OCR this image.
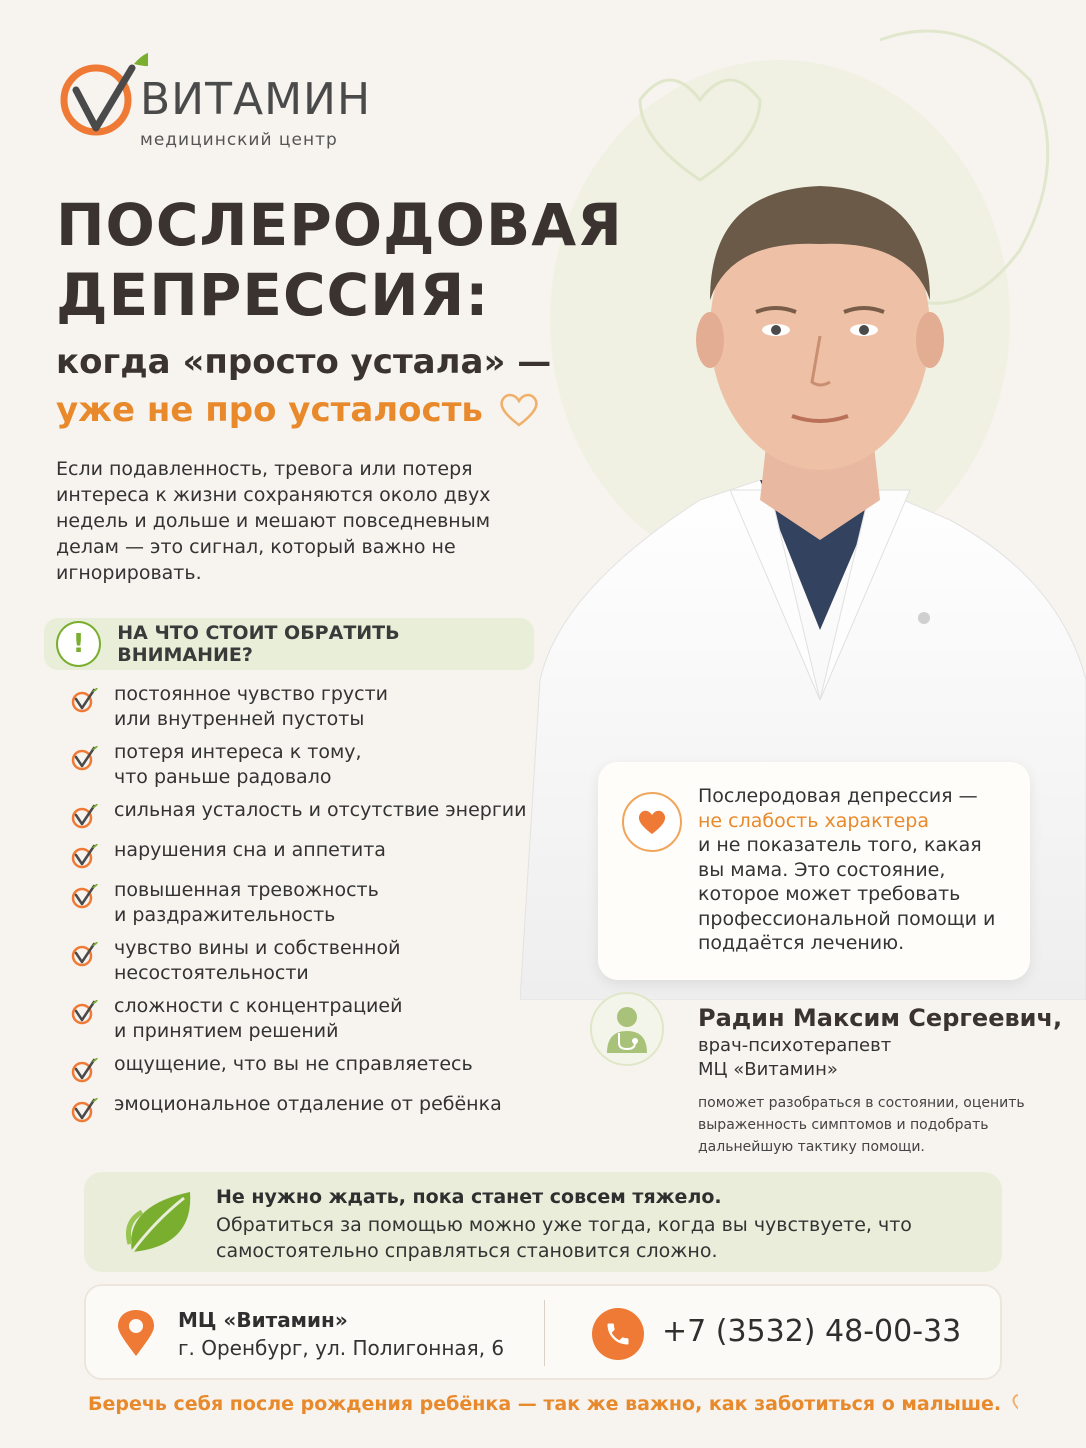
ВИТАМИН
медицинский центр
ПОСЛЕРОДОВАЯ
ДЕПРЕССИЯ:
когда «просто устала» —
уже не про усталость
Если подавленность, тревога или потеря интереса к жизни сохраняются около двух недель и дольше и мешают повседневным делам — это сигнал, который важно не игнорировать.
!	НА ЧТО СТОИТ ОБРАТИТЬ ВНИМАНИЕ?
постоянное чувство грусти
или внутренней пустоты
потеря интереса к тому,
что раньше радовало
сильная усталость и отсутствие энергии
нарушения сна и аппетита
повышенная тревожность
и раздражительность
чувство вины и собственной
несостоятельности
сложности с концентрацией
и принятием решений
ощущение, что вы не справляетесь
эмоциональное отдаление от ребёнка
Послеродовая депрессия —
не слабость характера
и не показатель того, какая вы мама. Это состояние, которое может требовать профессиональной помощи и поддаётся лечению.
Радин Максим Сергеевич,
врач-психотерапевт
МЦ «Витамин»
поможет разобраться в состоянии, оценить выраженность симптомов и подобрать дальнейшую тактику помощи.
Не нужно ждать, пока станет совсем тяжело.
Обратиться за помощью можно уже тогда, когда вы чувствуете, что самостоятельно справляться становится сложно.
МЦ «Витамин»
г. Оренбург, ул. Полигонная, 6	+7 (3532) 48-00-33
Беречь себя после рождения ребёнка — так же важно, как заботиться о малыше.
